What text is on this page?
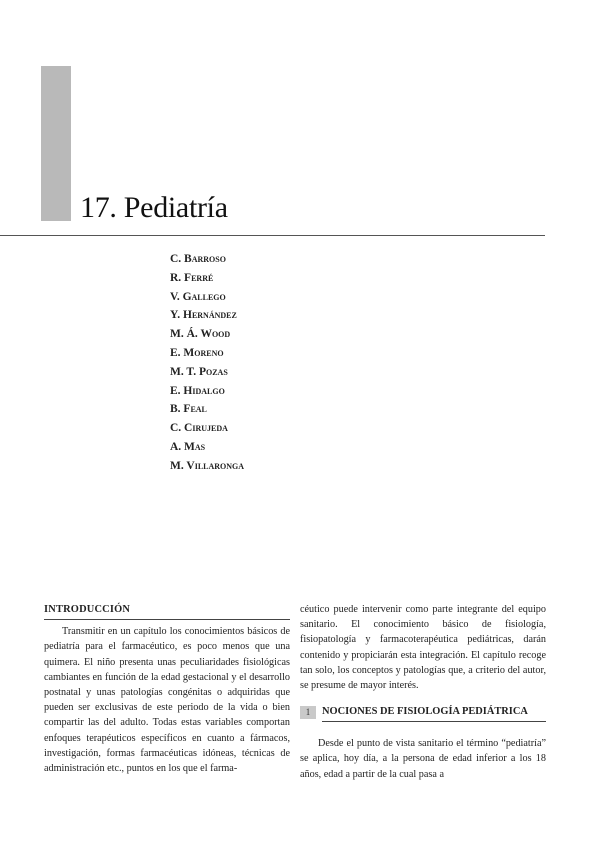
17. Pediatría
C. Barroso
R. Ferré
V. Gallego
Y. Hernández
M. Á. Wood
E. Moreno
M. T. Pozas
E. Hidalgo
B. Feal
C. Cirujeda
A. Mas
M. Villaronga
INTRODUCCIÓN

Transmitir en un capítulo los conocimientos básicos de pediatría para el farmacéutico, es poco menos que una quimera. El niño presenta unas peculiaridades fisiológicas cambiantes en función de la edad gestacional y el desarrollo postnatal y unas patologías congénitas o adquiridas que pueden ser exclusivas de este periodo de la vida o bien compartir las del adulto. Todas estas variables comportan enfoques terapéuticos específicos en cuanto a fármacos, investigación, formas farmacéuticas idóneas, técnicas de administración etc., puntos en los que el farma-

céutico puede intervenir como parte integrante del equipo sanitario. El conocimiento básico de fisiología, fisiopatología y farmacoterapéutica pediátricas, darán contenido y propiciarán esta integración. El capítulo recoge tan solo, los conceptos y patologías que, a criterio del autor, se presume de mayor interés.

1	NOCIONES DE FISIOLOGÍA PEDIÁTRICA

Desde el punto de vista sanitario el término “pediatría” se aplica, hoy día, a la persona de edad inferior a los 18 años, edad a partir de la cual pasa a
